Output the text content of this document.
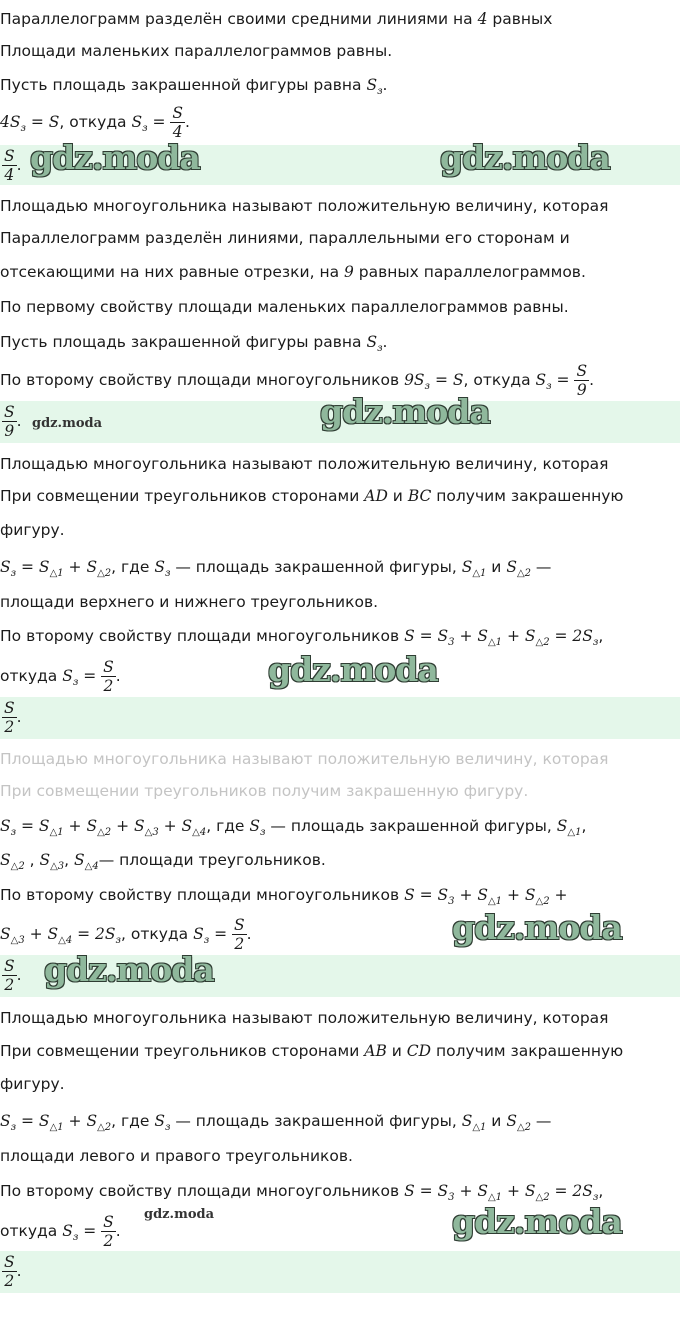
Параллелограмм разделён своими средними линиями на 4 равных
Площади маленьких параллелограммов равны.
Пусть площадь закрашенной фигуры равна $S_з$.
$4S_з = S$, откуда $S_з = \frac{S}{4}$ .
$\frac{S}{4}$ .
Площадью многоугольника называют положительную величину, которая
Параллелограмм разделён линиями, параллельными его сторонам и
отсекающими на них равные отрезки, на 9 равных параллелограммов.
По первому свойству площади маленьких параллелограммов равны.
Пусть площадь закрашенной фигуры равна $S_з$.
По второму свойству площади многоугольников $9S_з = S$, откуда $S_з = \frac{S}{9}$ .
$\frac{S}{9}$ .
Площадью многоугольника называют положительную величину, которая
При совмещении треугольников сторонами AD и BC получим закрашенную
фигуру.
$S_з = S_{\triangle 1} + S_{\triangle 2}$, где $S_з$ — площадь закрашенной фигуры, $S_{\triangle 1}$ и $S_{\triangle 2}$ —
площади верхнего и нижнего треугольников.
По второму свойству площади многоугольников $S = S_3 + S_{\triangle 1} + S_{\triangle 2} = 2S_з$,
откуда $S_з = \frac{S}{2}$ .
$\frac{S}{2}$ .
Площадью многоугольника называют положительную величину, которая
При совмещении треугольников получим закрашенную фигуру.
$S_з = S_{\triangle 1} + S_{\triangle 2} + S_{\triangle 3} + S_{\triangle 4}$, где $S_з$ — площадь закрашенной фигуры, $S_{\triangle 1}$,
$S_{\triangle 2}$ , $S_{\triangle 3}$, $S_{\triangle 4}—$ площади треугольников.
По второму свойству площади многоугольников $S = S_3 + S_{\triangle 1} + S_{\triangle 2}$ +
$S_{\triangle 3} + S_{\triangle 4} = 2S_з$, откуда $S_з = \frac{S}{2}$ .
$\frac{S}{2}$ .
Площадью многоугольника называют положительную величину, которая
При совмещении треугольников сторонами AB и CD получим закрашенную
фигуру.
$S_з = S_{\triangle 1} + S_{\triangle 2}$, где $S_з$ — площадь закрашенной фигуры, $S_{\triangle 1}$ и $S_{\triangle 2}$ —
площади левого и правого треугольников.
По второму свойству площади многоугольников $S = S_3 + S_{\triangle 1} + S_{\triangle 2} = 2S_з$,
откуда $S_з = \frac{S}{2}$ .
$\frac{S}{2}$ .
gdz.moda	gdz.moda
gdz.moda	gdz.moda
gdz.moda
gdz.moda
gdz.moda
gdz.moda	gdz.moda
